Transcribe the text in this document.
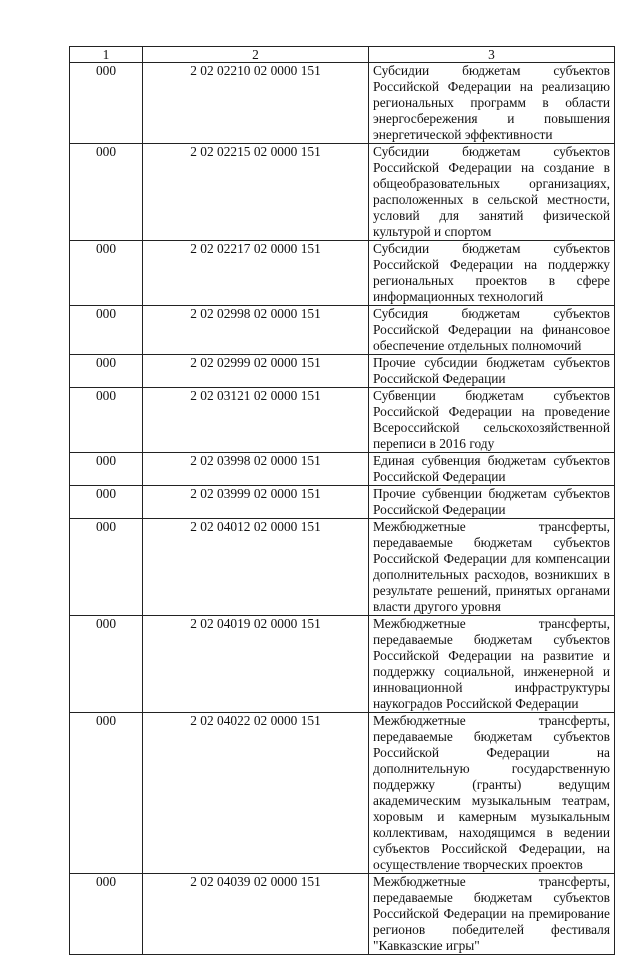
1	2	3
000	2 02 02210 02 0000 151	Субсидии бюджетам субъектов Российской Федерации на реализацию региональных программ в области энергосбережения и повышения энергетической эффективности
000	2 02 02215 02 0000 151	Субсидии бюджетам субъектов Российской Федерации на создание в общеобразовательных организациях, расположенных в сельской местности, условий для занятий физической культурой и спортом
000	2 02 02217 02 0000 151	Субсидии бюджетам субъектов Российской Федерации на поддержку региональных проектов в сфере информационных технологий
000	2 02 02998 02 0000 151	Субсидия бюджетам субъектов Российской Федерации на финансовое обеспечение отдельных полномочий
000	2 02 02999 02 0000 151	Прочие субсидии бюджетам субъектов Российской Федерации
000	2 02 03121 02 0000 151	Субвенции бюджетам субъектов Российской Федерации на проведение Всероссийской сельскохозяйственной переписи в 2016 году
000	2 02 03998 02 0000 151	Единая субвенция бюджетам субъектов Российской Федерации
000	2 02 03999 02 0000 151	Прочие субвенции бюджетам субъектов Российской Федерации
000	2 02 04012 02 0000 151	Межбюджетные трансферты, передаваемые бюджетам субъектов Российской Федерации для компенсации дополнительных расходов, возникших в результате решений, принятых органами власти другого уровня
000	2 02 04019 02 0000 151	Межбюджетные трансферты, передаваемые бюджетам субъектов Российской Федерации на развитие и поддержку социальной, инженерной и инновационной инфраструктуры наукоградов Российской Федерации
000	2 02 04022 02 0000 151	Межбюджетные трансферты, передаваемые бюджетам субъектов Российской Федерации на дополнительную государственную поддержку (гранты) ведущим академическим музыкальным театрам, хоровым и камерным музыкальным коллективам, находящимся в ведении субъектов Российской Федерации, на осуществление творческих проектов
000	2 02 04039 02 0000 151	Межбюджетные трансферты, передаваемые бюджетам субъектов Российской Федерации на премирование регионов победителей фестиваля "Кавказские игры"
